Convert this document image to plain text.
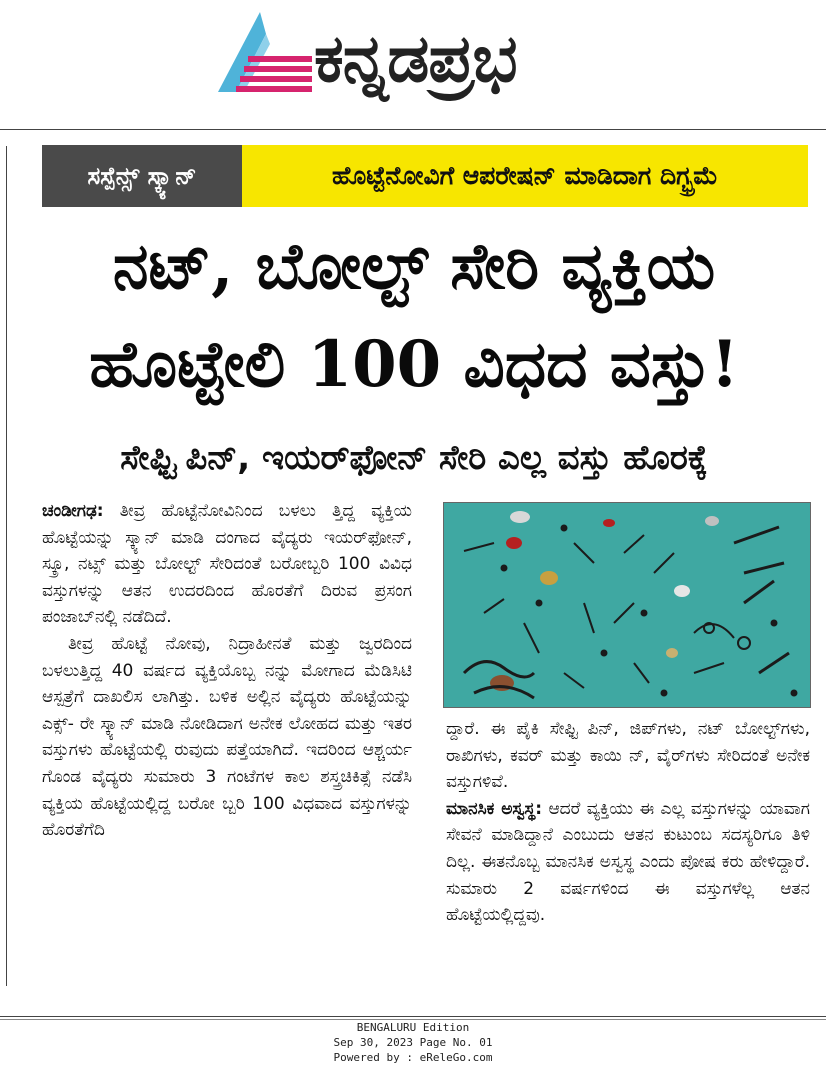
ಕನ್ನಡಪ್ರಭ
ಸಸ್ಪೆನ್ಸ್ ಸ್ಕ್ಯಾನ್	ಹೊಟ್ಟೆನೋವಿಗೆ ಆಪರೇಷನ್ ಮಾಡಿದಾಗ ದಿಗ್ಭ್ರಮೆ
ನಟ್, ಬೋಲ್ಟ್ ಸೇರಿ ವ್ಯಕ್ತಿಯ
ಹೊಟ್ಟೇಲಿ 100 ವಿಧದ ವಸ್ತು!
ಸೇಫ್ಟಿ ಪಿನ್, ಇಯರ್‌ಫೋನ್ ಸೇರಿ ಎಲ್ಲ ವಸ್ತು ಹೊರಕ್ಕೆ

ಚಂಡೀಗಢ: ತೀವ್ರ ಹೊಟ್ಟೆನೋವಿನಿಂದ ಬಳಲು ತ್ತಿದ್ದ ವ್ಯಕ್ತಿಯ ಹೊಟ್ಟೆಯನ್ನು ಸ್ಕ್ಯಾನ್ ಮಾಡಿ ದಂಗಾದ ವೈದ್ಯರು ಇಯರ್‌ಫೋನ್, ಸ್ಕ್ರೂ, ನಟ್ಸ್ ಮತ್ತು ಬೋಲ್ಟ್ ಸೇರಿದಂತೆ ಬರೋಬ್ಬರಿ 100 ವಿವಿಧ ವಸ್ತುಗಳನ್ನು ಆತನ ಉದರದಿಂದ ಹೊರತೆಗೆ ದಿರುವ ಪ್ರಸಂಗ ಪಂಜಾಬ್‌ನಲ್ಲಿ ನಡೆದಿದೆ.

ತೀವ್ರ ಹೊಟ್ಟೆ ನೋವು, ನಿದ್ರಾಹೀನತೆ ಮತ್ತು ಜ್ವರದಿಂದ ಬಳಲುತ್ತಿದ್ದ 40 ವರ್ಷದ ವ್ಯಕ್ತಿಯೊಬ್ಬ ನನ್ನು ಮೋಗಾದ ಮೆಡಿಸಿಟಿ ಆಸ್ಪತ್ರೆಗೆ ದಾಖಲಿಸ ಲಾಗಿತ್ತು. ಬಳಿಕ ಅಲ್ಲಿನ ವೈದ್ಯರು ಹೊಟ್ಟೆಯನ್ನು ಎಕ್ಸ್- ರೇ ಸ್ಕ್ಯಾನ್ ಮಾಡಿ ನೋಡಿದಾಗ ಅನೇಕ ಲೋಹದ ಮತ್ತು ಇತರ ವಸ್ತುಗಳು ಹೊಟ್ಟೆಯಲ್ಲಿ ರುವುದು ಪತ್ತೆಯಾಗಿದೆ. ಇದರಿಂದ ಆಶ್ಚರ್ಯ ಗೊಂಡ ವೈದ್ಯರು ಸುಮಾರು 3 ಗಂಟೆಗಳ ಕಾಲ ಶಸ್ತ್ರಚಿಕಿತ್ಸೆ ನಡೆಸಿ ವ್ಯಕ್ತಿಯ ಹೊಟ್ಟೆಯಲ್ಲಿದ್ದ ಬರೋ ಬ್ಬರಿ 100 ವಿಧವಾದ ವಸ್ತುಗಳನ್ನು ಹೊರತೆಗೆದಿ

ದ್ದಾರೆ. ಈ ಪೈಕಿ ಸೇಫ್ಟಿ ಪಿನ್, ಜಿಪ್‌ಗಳು, ನಟ್ ಬೋಲ್ಟ್‌ಗಳು, ರಾಖಿಗಳು, ಕವರ್ ಮತ್ತು ಕಾಯಿ ನ್, ವೈರ್‌ಗಳು ಸೇರಿದಂತೆ ಅನೇಕ ವಸ್ತುಗಳಿವೆ.

ಮಾನಸಿಕ ಅಸ್ವಸ್ಥ: ಆದರೆ ವ್ಯಕ್ತಿಯು ಈ ಎಲ್ಲ ವಸ್ತುಗಳನ್ನು ಯಾವಾಗ ಸೇವನೆ ಮಾಡಿದ್ದಾನೆ ಎಂಬುದು ಆತನ ಕುಟುಂಬ ಸದಸ್ಯರಿಗೂ ತಿಳಿ ದಿಲ್ಲ. ಈತನೊಬ್ಬ ಮಾನಸಿಕ ಅಸ್ವಸ್ಥ ಎಂದು ಪೋಷ ಕರು ಹೇಳಿದ್ದಾರೆ. ಸುಮಾರು 2 ವರ್ಷಗಳಿಂದ ಈ ವಸ್ತುಗಳೆಲ್ಲ ಆತನ ಹೊಟ್ಟೆಯಲ್ಲಿದ್ದವು.

BENGALURU Edition
Sep 30, 2023 Page No. 01
Powered by : eReleGo.com
